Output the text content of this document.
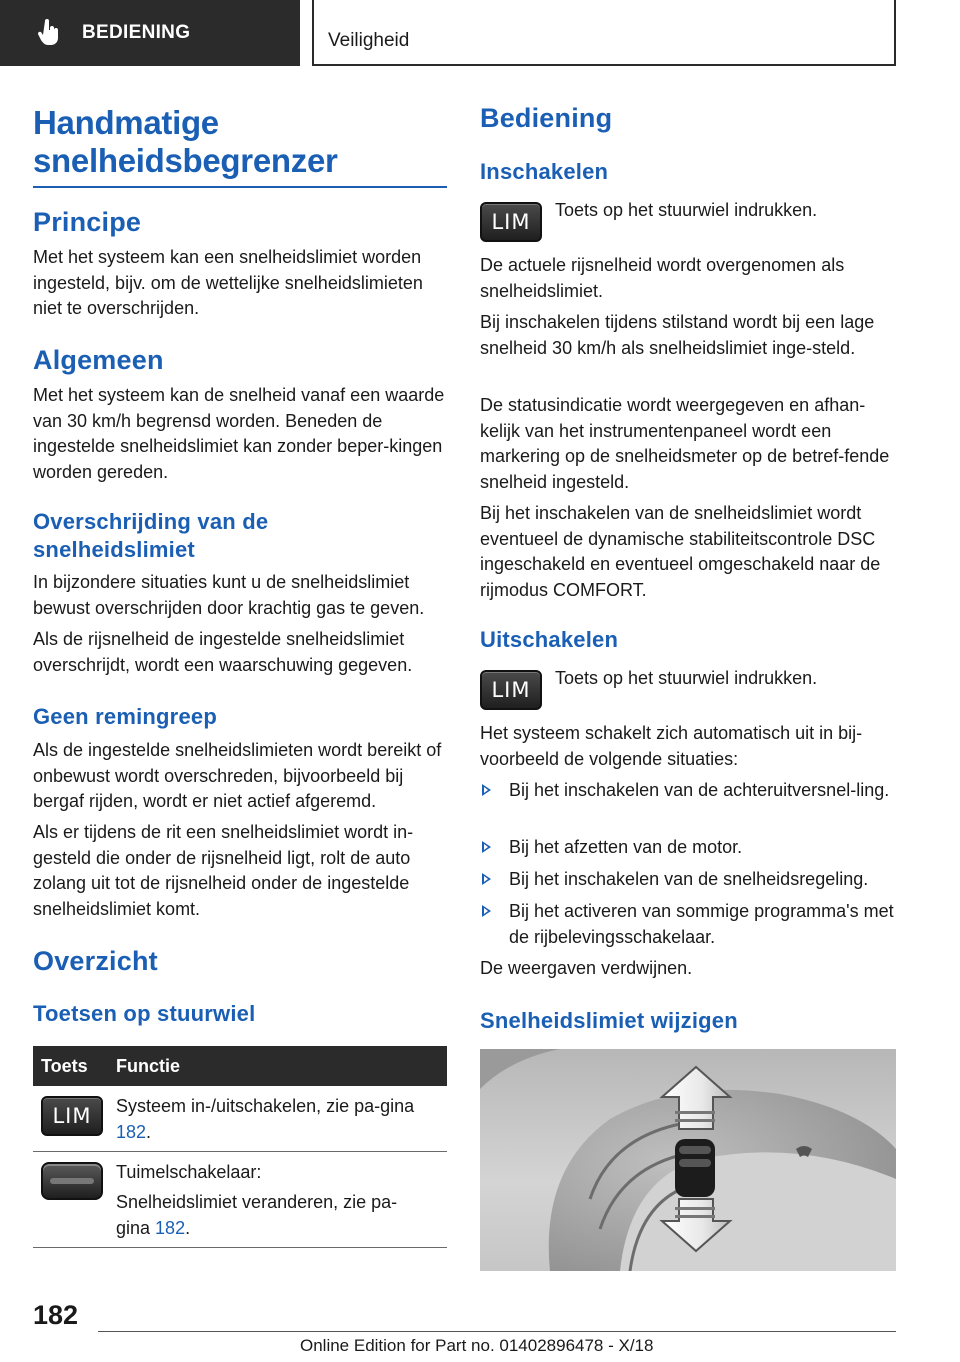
BEDIENING	Veiligheid
Handmatige snelheidsbegrenzer
Principe

Met het systeem kan een snelheidslimiet worden ingesteld, bijv. om de wettelijke snelheidslimieten niet te overschrijden.

Algemeen

Met het systeem kan de snelheid vanaf een waarde van 30 km/h begrensd worden. Beneden de ingestelde snelheidslimiet kan zonder beper-kingen worden gereden.

Overschrijding van de snelheidslimiet

In bijzondere situaties kunt u de snelheidslimiet bewust overschrijden door krachtig gas te geven.

Als de rijsnelheid de ingestelde snelheidslimiet overschrijdt, wordt een waarschuwing gegeven.

Geen remingreep

Als de ingestelde snelheidslimieten wordt bereikt of onbewust wordt overschreden, bijvoorbeeld bij bergaf rijden, wordt er niet actief afgeremd.

Als er tijdens de rit een snelheidslimiet wordt in-gesteld die onder de rijsnelheid ligt, rolt de auto zolang uit tot de rijsnelheid onder de ingestelde snelheidslimiet komt.

Overzicht
Toetsen op stuurwiel
Toets Functie
LIM Systeem in-/uitschakelen, zie pa-gina 182.

Tuimelschakelaar:

Snelheidslimiet veranderen, zie pa-gina 182.

Bediening
Inschakelen
LIM Toets op het stuurwiel indrukken.

De actuele rijsnelheid wordt overgenomen als snelheidslimiet.

Bij inschakelen tijdens stilstand wordt bij een lage snelheid 30 km/h als snelheidslimiet inge-steld.

De statusindicatie wordt weergegeven en afhan-kelijk van het instrumentenpaneel wordt een markering op de snelheidsmeter op de betref-fende snelheid ingesteld.

Bij het inschakelen van de snelheidslimiet wordt eventueel de dynamische stabiliteitscontrole DSC ingeschakeld en eventueel omgeschakeld naar de rijmodus COMFORT.

Uitschakelen
LIM Toets op het stuurwiel indrukken.

Het systeem schakelt zich automatisch uit in bij-voorbeeld de volgende situaties:

Bij het inschakelen van de achteruitversnel-ling.

Bij het afzetten van de motor.

Bij het inschakelen van de snelheidsregeling.

Bij het activeren van sommige programma's met de rijbelevingsschakelaar.

De weergaven verdwijnen.

Snelheidslimiet wijzigen
182
Online Edition for Part no. 01402896478 - X/18
